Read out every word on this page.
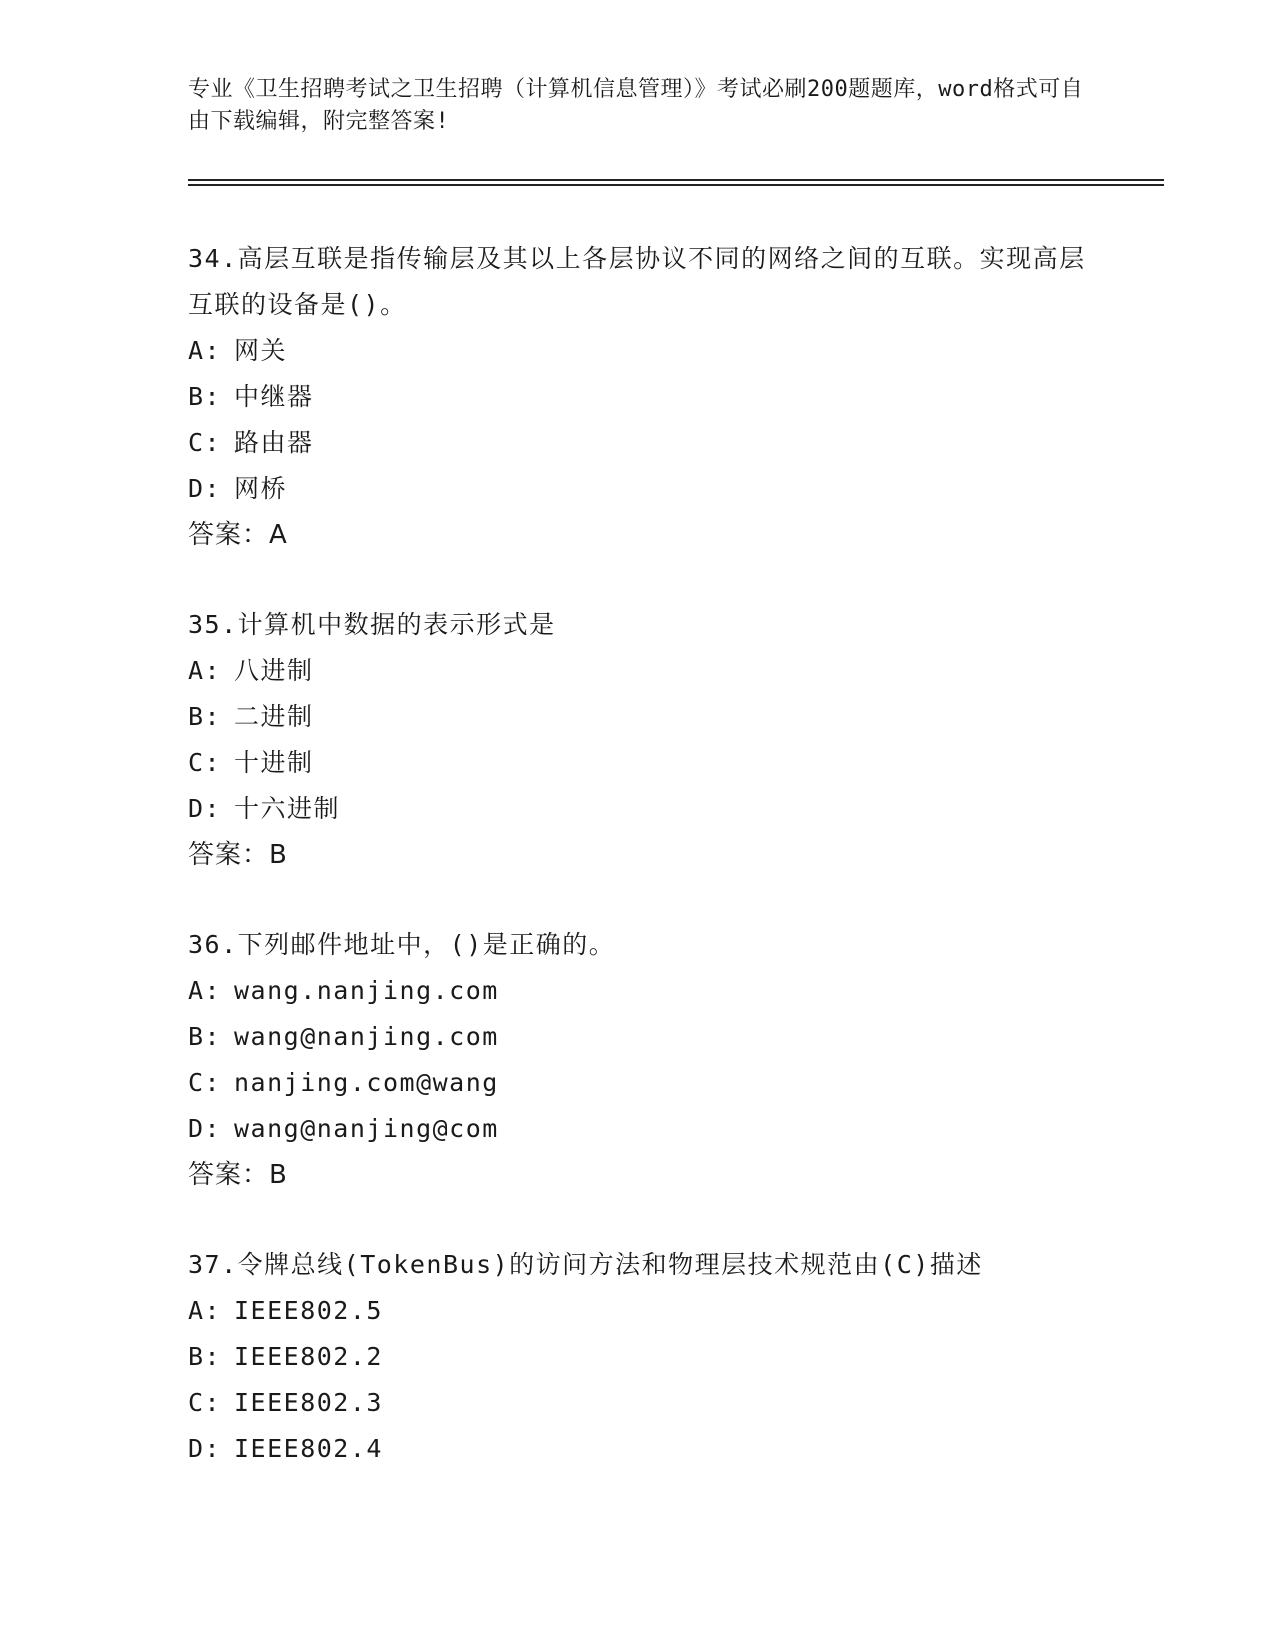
专业《卫生招聘考试之卫生招聘（计算机信息管理）》考试必刷200题题库，word格式可自由下载编辑，附完整答案!

34.高层互联是指传输层及其以上各层协议不同的网络之间的互联。实现高层互联的设备是()。

A: 网关

B: 中继器

C: 路由器

D: 网桥

答案：A

35.计算机中数据的表示形式是

A: 八进制

B: 二进制

C: 十进制

D: 十六进制

答案：B

36.下列邮件地址中，()是正确的。

A: wang.nanjing.com

B: wang@nanjing.com

C: nanjing.com@wang

D: wang@nanjing@com

答案：B

37.令牌总线(TokenBus)的访问方法和物理层技术规范由(C)描述

A: IEEE802.5

B: IEEE802.2

C: IEEE802.3

D: IEEE802.4
